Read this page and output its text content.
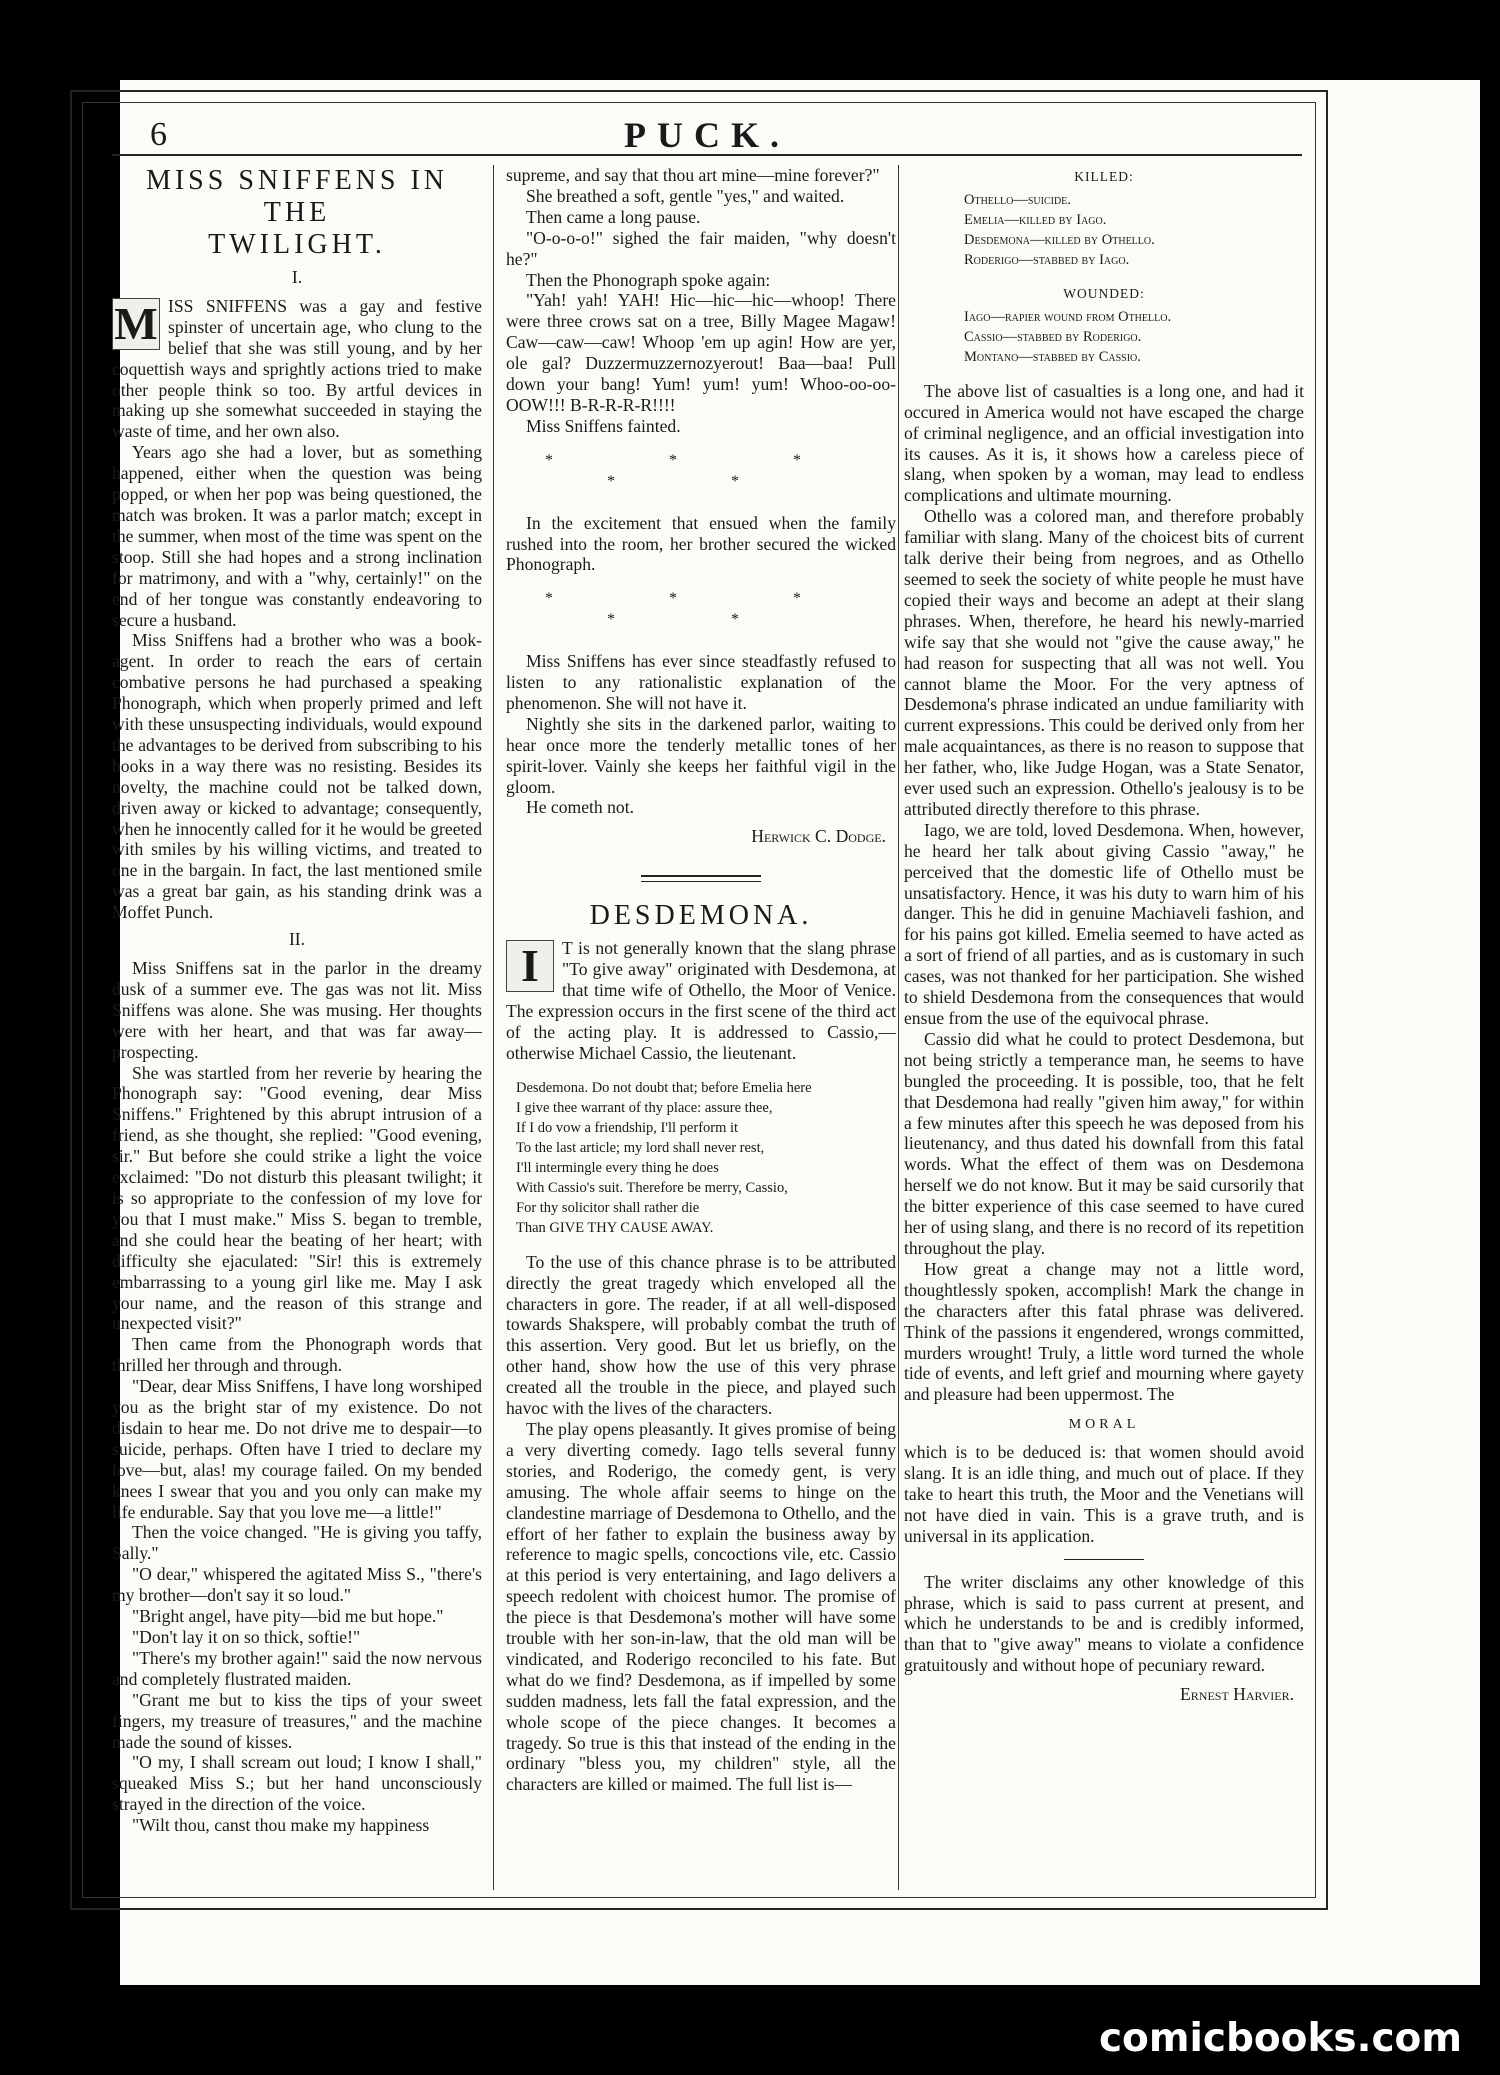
6	PUCK.
MISS SNIFFENS IN THE
TWILIGHT.
I.

M ISS SNIFFENS was a gay and festive spinster of uncertain age, who clung to the belief that she was still young, and by her coquettish ways and sprightly actions tried to make other people think so too. By artful devices in making up she somewhat succeeded in staying the waste of time, and her own also.

Years ago she had a lover, but as something happened, either when the question was being popped, or when her pop was being questioned, the match was broken. It was a parlor match; except in the summer, when most of the time was spent on the stoop. Still she had hopes and a strong inclination for matrimony, and with a "why, certainly!" on the end of her tongue was constantly endeavoring to secure a husband.

Miss Sniffens had a brother who was a book-agent. In order to reach the ears of certain combative persons he had purchased a speaking Phonograph, which when properly primed and left with these unsuspecting individuals, would expound the advantages to be derived from subscribing to his books in a way there was no resisting. Besides its novelty, the machine could not be talked down, driven away or kicked to advantage; consequently, when he innocently called for it he would be greeted with smiles by his willing victims, and treated to one in the bargain. In fact, the last mentioned smile was a great bar gain, as his standing drink was a Moffet Punch.

II.

Miss Sniffens sat in the parlor in the dreamy dusk of a summer eve. The gas was not lit. Miss Sniffens was alone. She was musing. Her thoughts were with her heart, and that was far away—prospecting.

She was startled from her reverie by hearing the Phonograph say: "Good evening, dear Miss Sniffens." Frightened by this abrupt intrusion of a friend, as she thought, she replied: "Good evening, sir." But before she could strike a light the voice exclaimed: "Do not disturb this pleasant twilight; it is so appropriate to the confession of my love for you that I must make." Miss S. began to tremble, and she could hear the beating of her heart; with difficulty she ejaculated: "Sir! this is extremely embarrassing to a young girl like me. May I ask your name, and the reason of this strange and unexpected visit?"

Then came from the Phonograph words that thrilled her through and through.

"Dear, dear Miss Sniffens, I have long worshiped you as the bright star of my existence. Do not disdain to hear me. Do not drive me to despair—to suicide, perhaps. Often have I tried to declare my love—but, alas! my courage failed. On my bended knees I swear that you and you only can make my life endurable. Say that you love me—a little!"

Then the voice changed. "He is giving you taffy, Sally."

"O dear," whispered the agitated Miss S., "there's my brother—don't say it so loud."

"Bright angel, have pity—bid me but hope."

"Don't lay it on so thick, softie!"

"There's my brother again!" said the now nervous and completely flustrated maiden.

"Grant me but to kiss the tips of your sweet fingers, my treasure of treasures," and the machine made the sound of kisses.

"O my, I shall scream out loud; I know I shall," squeaked Miss S.; but her hand unconsciously strayed in the direction of the voice.

"Wilt thou, canst thou make my happiness

supreme, and say that thou art mine—mine forever?"

She breathed a soft, gentle "yes," and waited.

Then came a long pause.

"O-o-o-o!" sighed the fair maiden, "why doesn't he?"

Then the Phonograph spoke again:

"Yah! yah! YAH! Hic—hic—hic—whoop! There were three crows sat on a tree, Billy Magee Magaw! Caw—caw—caw! Whoop 'em up agin! How are yer, ole gal? Duzzermuzzernozyerout! Baa—baa! Pull down your bang! Yum! yum! yum! Whoo-oo-oo-OOW!!! B-R-R-R-R!!!!

Miss Sniffens fainted.

* * * * *

In the excitement that ensued when the family rushed into the room, her brother secured the wicked Phonograph.

* * * * *

Miss Sniffens has ever since steadfastly refused to listen to any rationalistic explanation of the phenomenon. She will not have it.

Nightly she sits in the darkened parlor, waiting to hear once more the tenderly metallic tones of her spirit-lover. Vainly she keeps her faithful vigil in the gloom.

He cometh not.

Herwick C. Dodge.
DESDEMONA.

I	T is not generally known that the slang phrase "To give away" originated with Desdemona, at that time wife of Othello, the Moor of Venice. The expression occurs in the first scene of the third act of the acting play. It is addressed to Cassio,—otherwise Michael Cassio, the lieutenant.

Desdemona. Do not doubt that; before Emelia here

I give thee warrant of thy place: assure thee,

If I do vow a friendship, I'll perform it

To the last article; my lord shall never rest,

I'll intermingle every thing he does

With Cassio's suit. Therefore be merry, Cassio,

For thy solicitor shall rather die

Than GIVE THY CAUSE AWAY.

To the use of this chance phrase is to be attributed directly the great tragedy which enveloped all the characters in gore. The reader, if at all well-disposed towards Shakspere, will probably combat the truth of this assertion. Very good. But let us briefly, on the other hand, show how the use of this very phrase created all the trouble in the piece, and played such havoc with the lives of the characters.

The play opens pleasantly. It gives promise of being a very diverting comedy. Iago tells several funny stories, and Roderigo, the comedy gent, is very amusing. The whole affair seems to hinge on the clandestine marriage of Desdemona to Othello, and the effort of her father to explain the business away by reference to magic spells, concoctions vile, etc. Cassio at this period is very entertaining, and Iago delivers a speech redolent with choicest humor. The promise of the piece is that Desdemona's mother will have some trouble with her son-in-law, that the old man will be vindicated, and Roderigo reconciled to his fate. But what do we find? Desdemona, as if impelled by some sudden madness, lets fall the fatal expression, and the whole scope of the piece changes. It becomes a tragedy. So true is this that instead of the ending in the ordinary "bless you, my children" style, all the characters are killed or maimed. The full list is—

KILLED:
Othello—suicide.
Emelia—killed by Iago.
Desdemona—killed by Othello.
Roderigo—stabbed by Iago.
WOUNDED:
Iago—rapier wound from Othello.
Cassio—stabbed by Roderigo.
Montano—stabbed by Cassio.

The above list of casualties is a long one, and had it occured in America would not have escaped the charge of criminal negligence, and an official investigation into its causes. As it is, it shows how a careless piece of slang, when spoken by a woman, may lead to endless complications and ultimate mourning.

Othello was a colored man, and therefore probably familiar with slang. Many of the choicest bits of current talk derive their being from negroes, and as Othello seemed to seek the society of white people he must have copied their ways and become an adept at their slang phrases. When, therefore, he heard his newly-married wife say that she would not "give the cause away," he had reason for suspecting that all was not well. You cannot blame the Moor. For the very aptness of Desdemona's phrase indicated an undue familiarity with current expressions. This could be derived only from her male acquaintances, as there is no reason to suppose that her father, who, like Judge Hogan, was a State Senator, ever used such an expression. Othello's jealousy is to be attributed directly therefore to this phrase.

Iago, we are told, loved Desdemona. When, however, he heard her talk about giving Cassio "away," he perceived that the domestic life of Othello must be unsatisfactory. Hence, it was his duty to warn him of his danger. This he did in genuine Machiaveli fashion, and for his pains got killed. Emelia seemed to have acted as a sort of friend of all parties, and as is customary in such cases, was not thanked for her participation. She wished to shield Desdemona from the consequences that would ensue from the use of the equivocal phrase.

Cassio did what he could to protect Desdemona, but not being strictly a temperance man, he seems to have bungled the proceeding. It is possible, too, that he felt that Desdemona had really "given him away," for within a few minutes after this speech he was deposed from his lieutenancy, and thus dated his downfall from this fatal words. What the effect of them was on Desdemona herself we do not know. But it may be said cursorily that the bitter experience of this case seemed to have cured her of using slang, and there is no record of its repetition throughout the play.

How great a change may not a little word, thoughtlessly spoken, accomplish! Mark the change in the characters after this fatal phrase was delivered. Think of the passions it engendered, wrongs committed, murders wrought! Truly, a little word turned the whole tide of events, and left grief and mourning where gayety and pleasure had been uppermost. The

MORAL

which is to be deduced is: that women should avoid slang. It is an idle thing, and much out of place. If they take to heart this truth, the Moor and the Venetians will not have died in vain. This is a grave truth, and is universal in its application.

The writer disclaims any other knowledge of this phrase, which is said to pass current at present, and which he understands to be and is credibly informed, than that to "give away" means to violate a confidence gratuitously and without hope of pecuniary reward.

Ernest Harvier.
comicbooks.com
